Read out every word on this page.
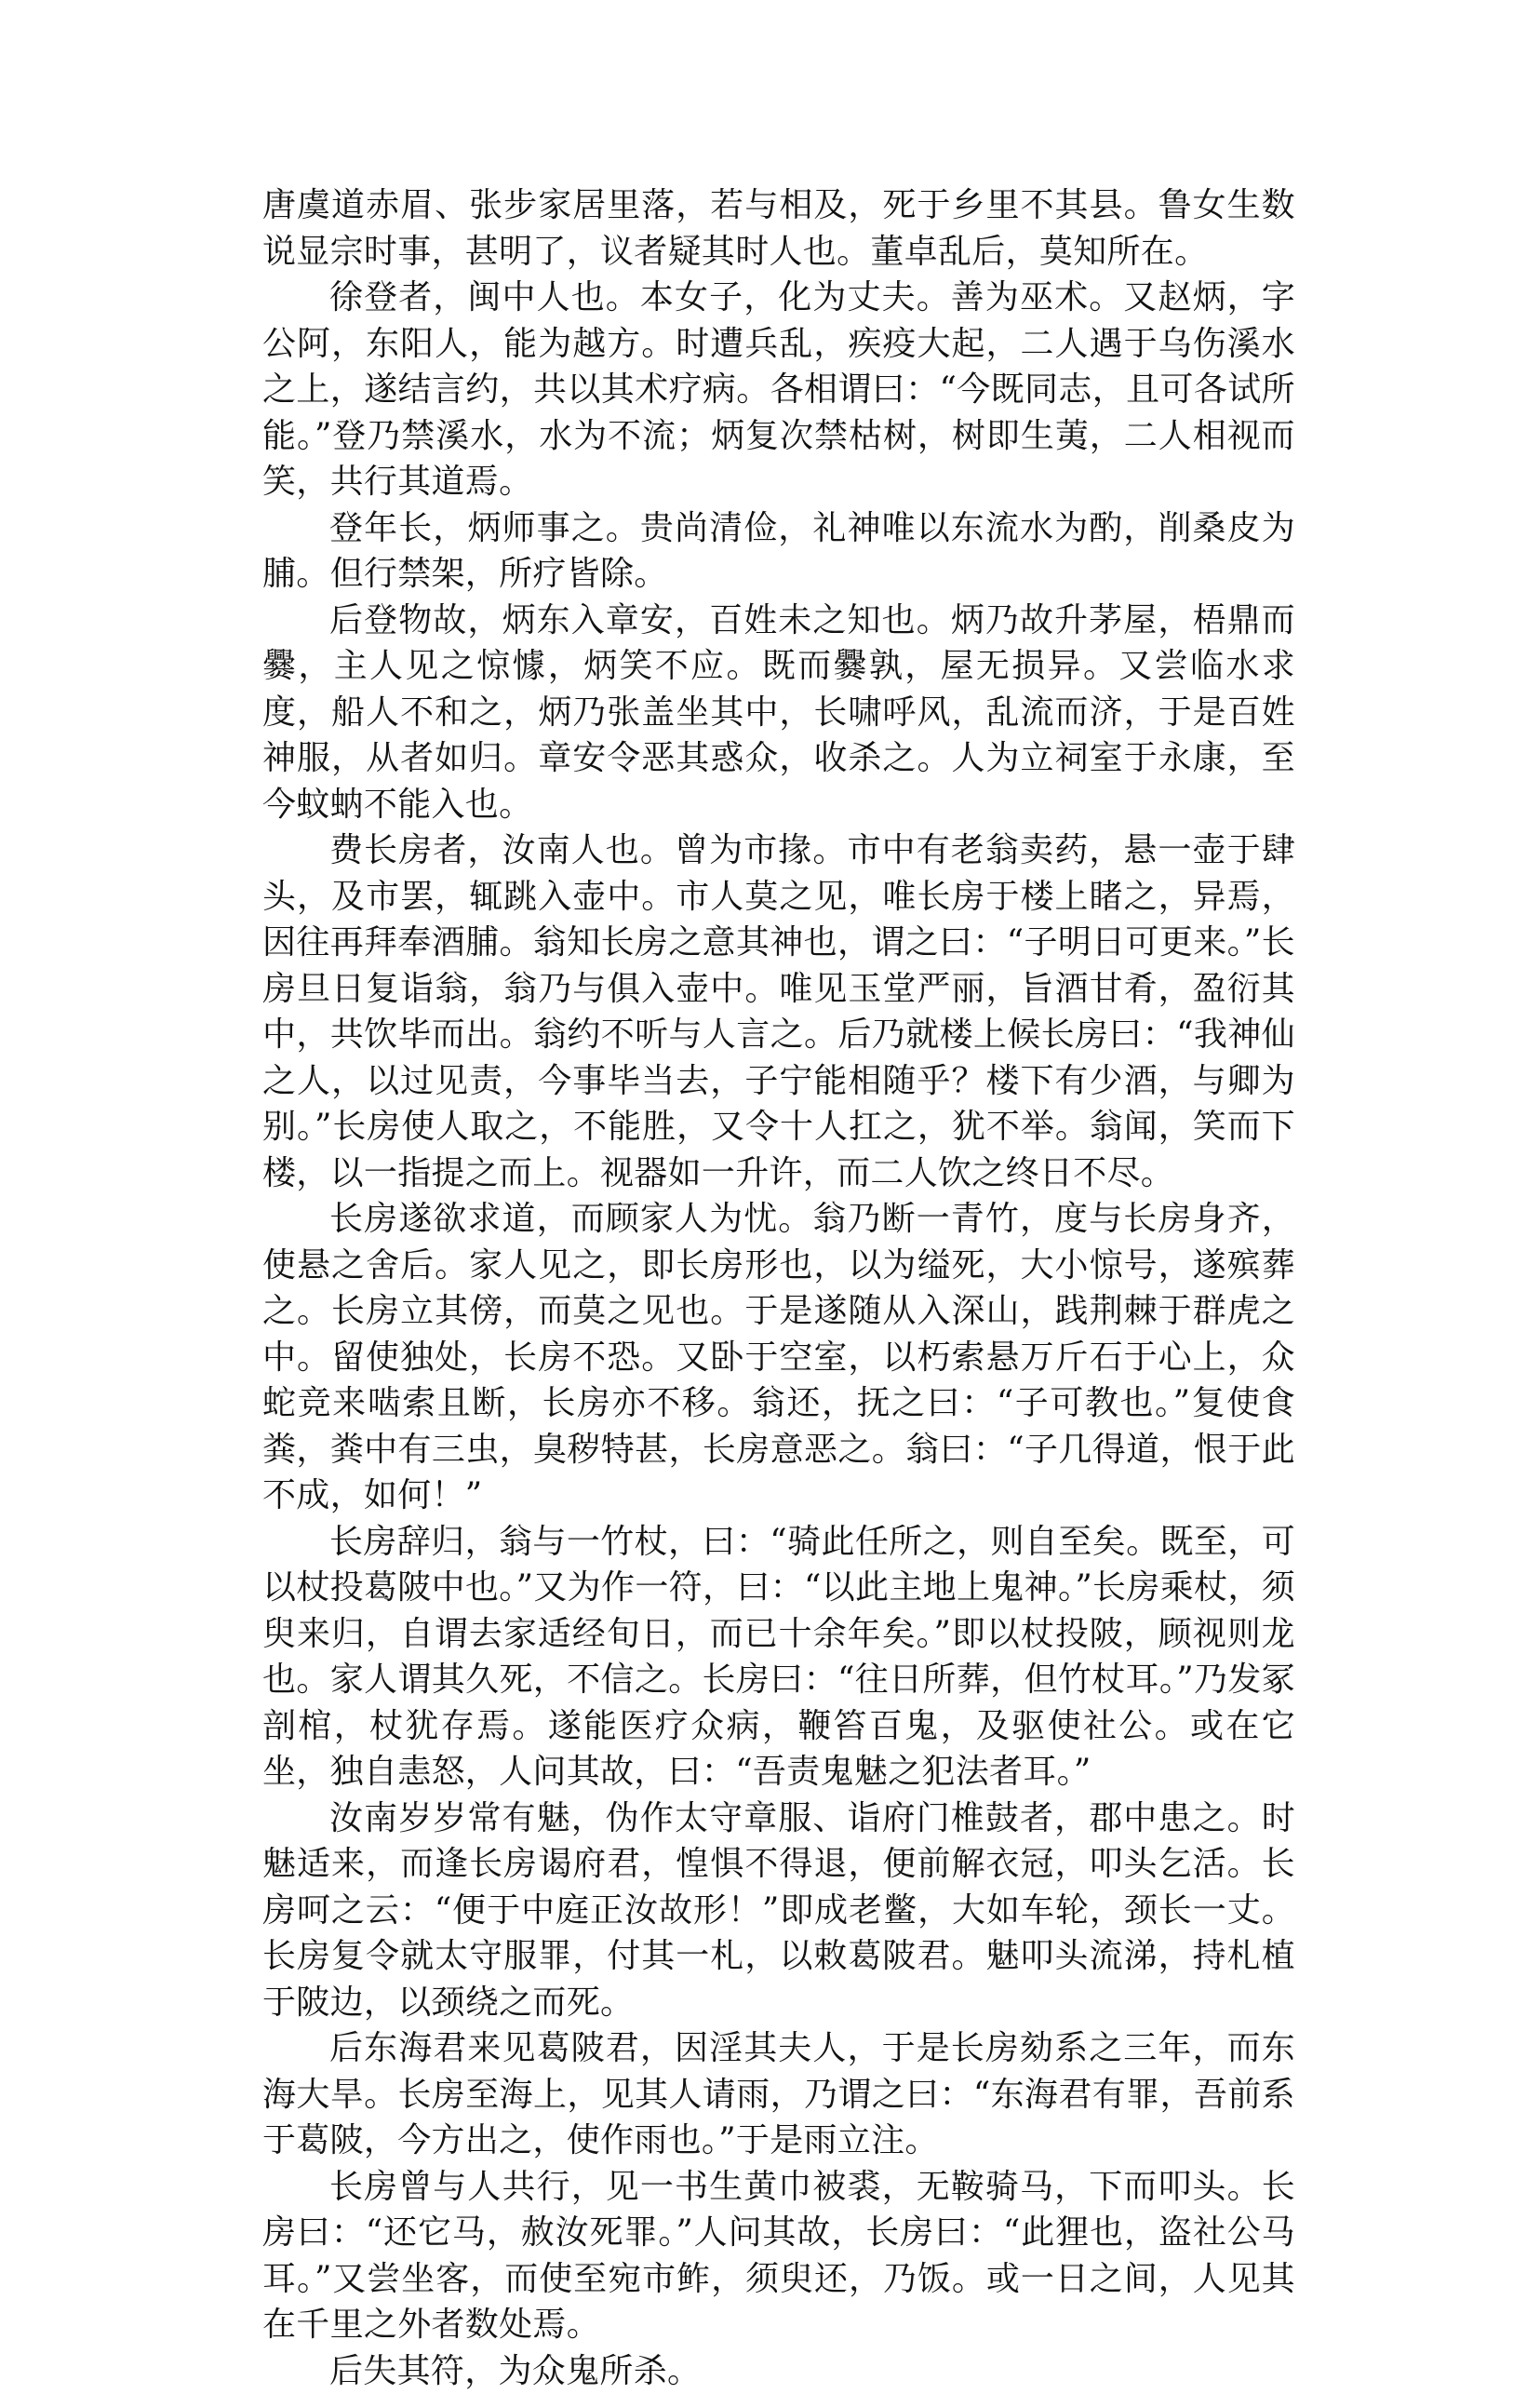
唐虞道赤眉、张步家居里落，若与相及，死于乡里不其县。鲁女生数说显宗时事，甚明了，议者疑其时人也。董卓乱后，莫知所在。

徐登者，闽中人也。本女子，化为丈夫。善为巫术。又赵炳，字公阿，东阳人，能为越方。时遭兵乱，疾疫大起，二人遇于乌伤溪水之上，遂结言约，共以其术疗病。各相谓曰：“今既同志，且可各试所能。”登乃禁溪水，水为不流；炳复次禁枯树，树即生荑，二人相视而笑，共行其道焉。

登年长，炳师事之。贵尚清俭，礼神唯以东流水为酌，削桑皮为脯。但行禁架，所疗皆除。

后登物故，炳东入章安，百姓未之知也。炳乃故升茅屋，梧鼎而爨，主人见之惊懅，炳笑不应。既而爨孰，屋无损异。又尝临水求度，船人不和之，炳乃张盖坐其中，长啸呼风，乱流而济，于是百姓神服，从者如归。章安令恶其惑众，收杀之。人为立祠室于永康，至今蚊蚋不能入也。

费长房者，汝南人也。曾为市掾。市中有老翁卖药，悬一壶于肆头，及市罢，辄跳入壶中。市人莫之见，唯长房于楼上睹之，异焉，因往再拜奉酒脯。翁知长房之意其神也，谓之曰：“子明日可更来。”长房旦日复诣翁，翁乃与俱入壶中。唯见玉堂严丽，旨酒甘肴，盈衍其中，共饮毕而出。翁约不听与人言之。后乃就楼上候长房曰：“我神仙之人，以过见责，今事毕当去，子宁能相随乎？楼下有少酒，与卿为别。”长房使人取之，不能胜，又令十人扛之，犹不举。翁闻，笑而下楼，以一指提之而上。视器如一升许，而二人饮之终日不尽。

长房遂欲求道，而顾家人为忧。翁乃断一青竹，度与长房身齐，使悬之舍后。家人见之，即长房形也，以为缢死，大小惊号，遂殡葬之。长房立其傍，而莫之见也。于是遂随从入深山，践荆棘于群虎之中。留使独处，长房不恐。又卧于空室，以朽索悬万斤石于心上，众蛇竞来啮索且断，长房亦不移。翁还，抚之曰：“子可教也。”复使食粪，粪中有三虫，臭秽特甚，长房意恶之。翁曰：“子几得道，恨于此不成，如何！”

长房辞归，翁与一竹杖，曰：“骑此任所之，则自至矣。既至，可以杖投葛陂中也。”又为作一符，曰：“以此主地上鬼神。”长房乘杖，须臾来归，自谓去家适经旬日，而已十余年矣。”即以杖投陂，顾视则龙也。家人谓其久死，不信之。长房曰：“往日所葬，但竹杖耳。”乃发冢剖棺，杖犹存焉。遂能医疗众病，鞭笞百鬼，及驱使社公。或在它坐，独自恚怒，人问其故，曰：“吾责鬼魅之犯法者耳。”

汝南岁岁常有魅，伪作太守章服、诣府门椎鼓者，郡中患之。时魅适来，而逢长房谒府君，惶惧不得退，便前解衣冠，叩头乞活。长房呵之云：“便于中庭正汝故形！”即成老鳖，大如车轮，颈长一丈。长房复令就太守服罪，付其一札，以敕葛陂君。魅叩头流涕，持札植于陂边，以颈绕之而死。

后东海君来见葛陂君，因淫其夫人，于是长房劾系之三年，而东海大旱。长房至海上，见其人请雨，乃谓之曰：“东海君有罪，吾前系于葛陂，今方出之，使作雨也。”于是雨立注。

长房曾与人共行，见一书生黄巾被裘，无鞍骑马，下而叩头。长房曰：“还它马，赦汝死罪。”人问其故，长房曰：“此狸也，盗社公马耳。”又尝坐客，而使至宛市鲊，须臾还，乃饭。或一日之间，人见其在千里之外者数处焉。

后失其符，为众鬼所杀。
